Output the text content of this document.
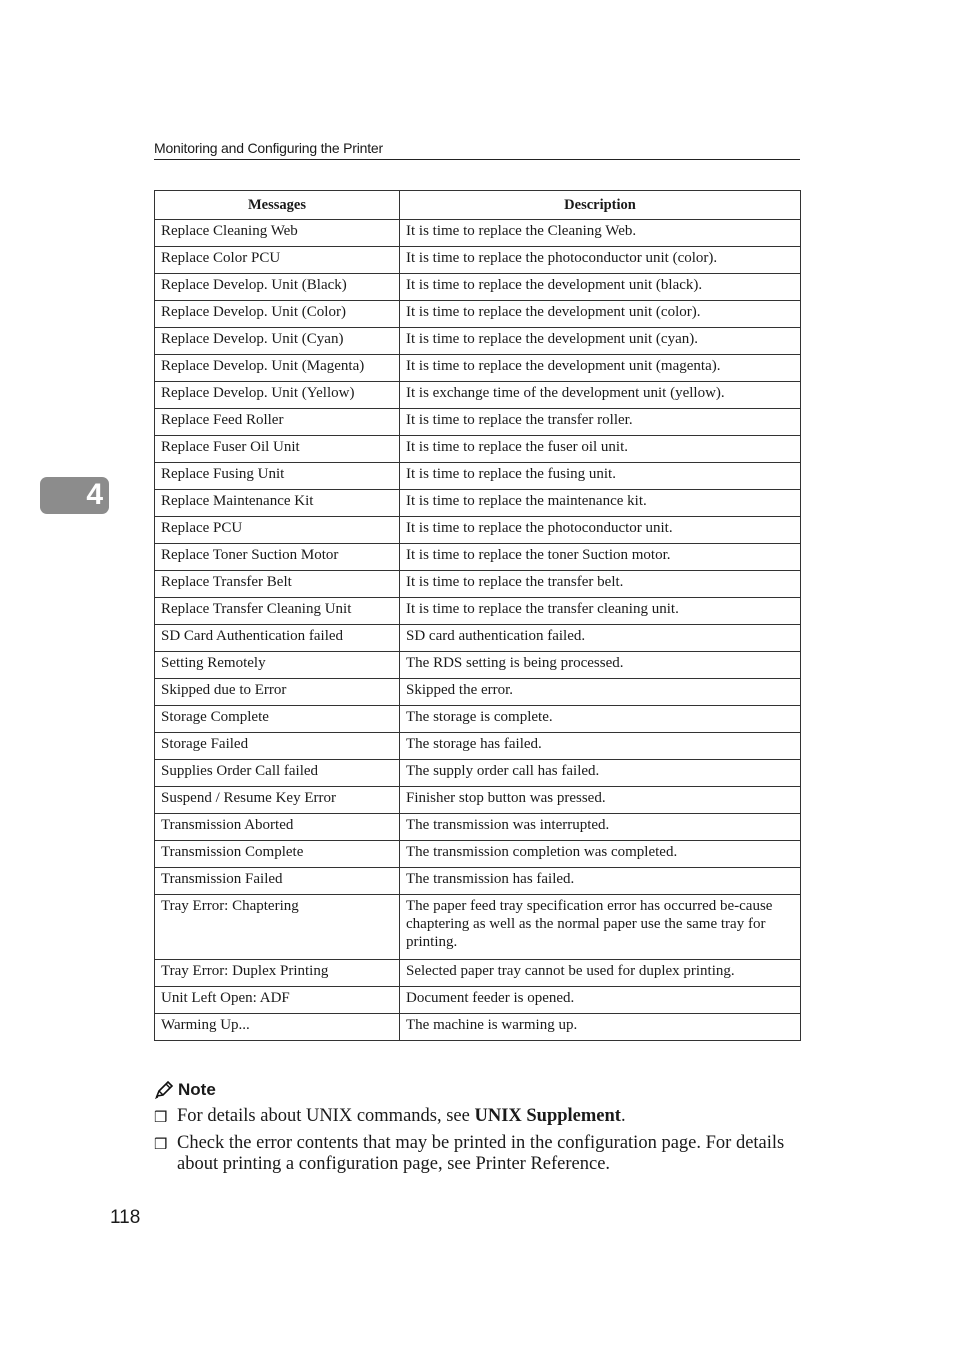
Monitoring and Configuring the Printer
4
Messages	Description
Replace Cleaning Web	It is time to replace the Cleaning Web.
Replace Color PCU	It is time to replace the photoconductor unit (color).
Replace Develop. Unit (Black)	It is time to replace the development unit (black).
Replace Develop. Unit (Color)	It is time to replace the development unit (color).
Replace Develop. Unit (Cyan)	It is time to replace the development unit (cyan).
Replace Develop. Unit (Magenta)	It is time to replace the development unit (magenta).
Replace Develop. Unit (Yellow)	It is exchange time of the development unit (yellow).
Replace Feed Roller	It is time to replace the transfer roller.
Replace Fuser Oil Unit	It is time to replace the fuser oil unit.
Replace Fusing Unit	It is time to replace the fusing unit.
Replace Maintenance Kit	It is time to replace the maintenance kit.
Replace PCU	It is time to replace the photoconductor unit.
Replace Toner Suction Motor	It is time to replace the toner Suction motor.
Replace Transfer Belt	It is time to replace the transfer belt.
Replace Transfer Cleaning Unit	It is time to replace the transfer cleaning unit.
SD Card Authentication failed	SD card authentication failed.
Setting Remotely	The RDS setting is being processed.
Skipped due to Error	Skipped the error.
Storage Complete	The storage is complete.
Storage Failed	The storage has failed.
Supplies Order Call failed	The supply order call has failed.
Suspend / Resume Key Error	Finisher stop button was pressed.
Transmission Aborted	The transmission was interrupted.
Transmission Complete	The transmission completion was completed.
Transmission Failed	The transmission has failed.
Tray Error: Chaptering	The paper feed tray specification error has occurred be-cause chaptering as well as the normal paper use the same tray for printing.
Tray Error: Duplex Printing	Selected paper tray cannot be used for duplex printing.
Unit Left Open: ADF	Document feeder is opened.
Warming Up...	The machine is warming up.
Note
❒ For details about UNIX commands, see UNIX Supplement.
❒ Check the error contents that may be printed in the configuration page. For details about printing a configuration page, see Printer Reference.
118
